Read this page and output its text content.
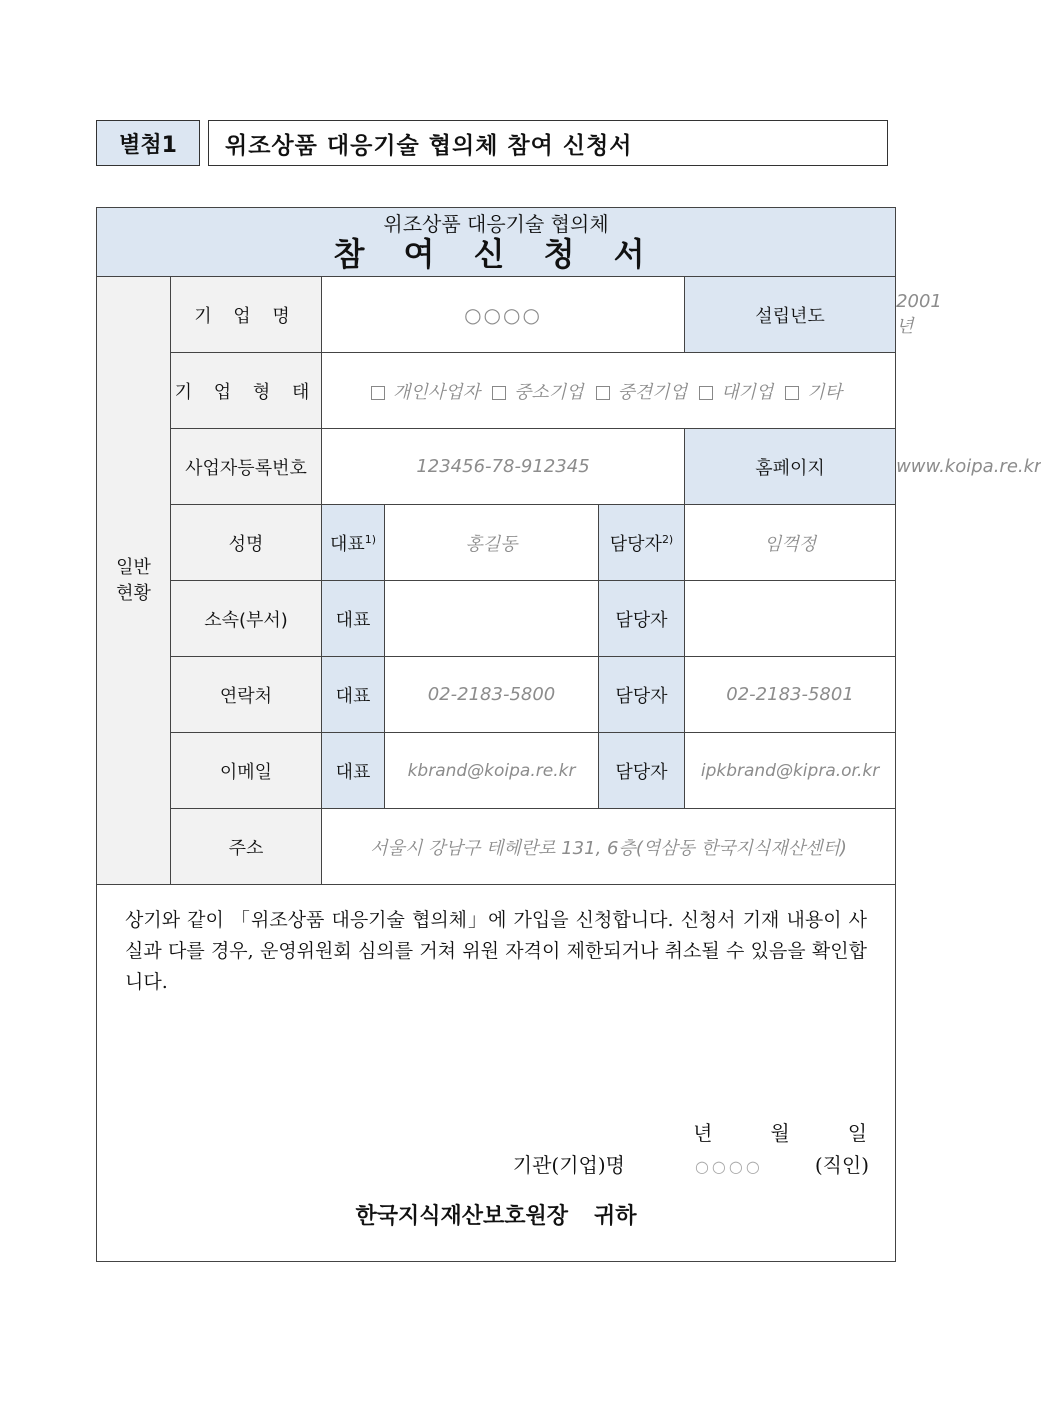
별첨1	위조상품 대응기술 협의체 참여 신청서
위조상품 대응기술 협의체
참 여 신 청 서						

일반
현황	기 업 명	○○○○			설립년도	2001년
	기 업 형 태	개인사업자 중소기업 중견기업 대기업 기타				
	사업자등록번호	123456-78-912345			홈페이지	www.koipa.re.kr
	성명	대표$^{1)}$	홍길동	담당자$^{2)}$	임꺽정	
	소속(부서)	대표		담당자		
	연락처	대표	02-2183-5800	담당자	02-2183-5801	
	이메일	대표	kbrand@koipa.re.kr	담당자	ipkbrand@kipra.or.kr	
	주소	서울시 강남구 테헤란로 131, 6층(역삼동 한국지식재산센터)				

상기와 같이 「위조상품 대응기술 협의체」에 가입을 신청합니다. 신청서 기재 내용이 사실과 다를 경우, 운영위원회 심의를 거쳐 위원 자격이 제한되거나 취소될 수 있음을 확인합니다.
년 월 일
기관(기업)명 ○○○○ (직인)
한국지식재산보호원장 귀하						
